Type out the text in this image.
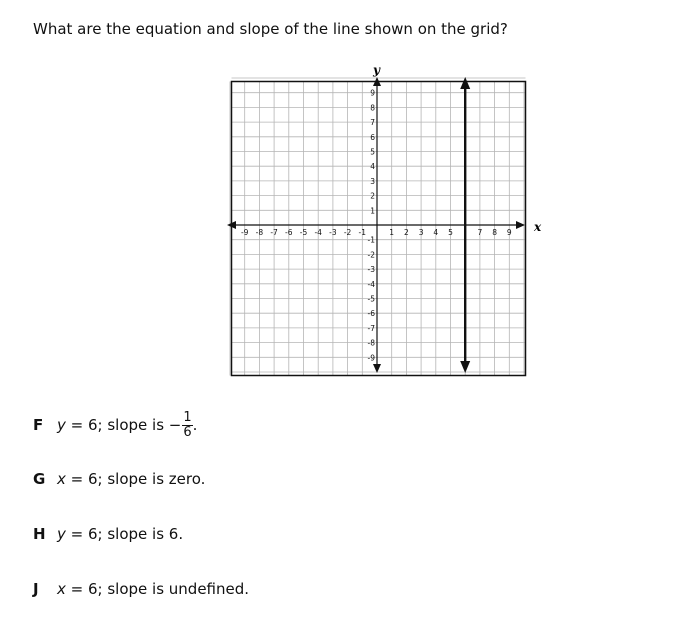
What are the equation and slope of the line shown on the grid?
x
y
-9 -8 -7 -6 -5 -4 -3 -2 -1	1 2 3 4 5	7 8 9
9
8
7
6
5
4
3
2
1
-1
-2
-3
-4
-5
-6
-7
-8
-9
F y = 6; slope is − $\frac{1}{6}$ .
G x = 6; slope is zero.
H y = 6; slope is 6.
J x = 6; slope is undefined.
